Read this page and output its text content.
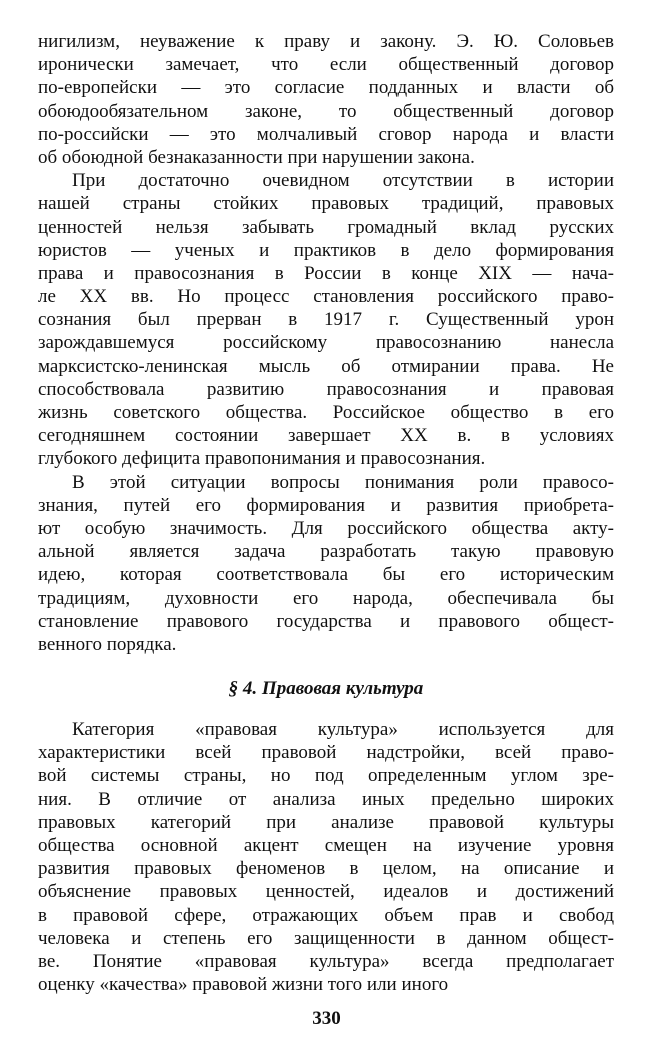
нигилизм, неуважение к праву и закону. Э. Ю. Соловьев
иронически замечает, что если общественный договор
по-европейски — это согласие подданных и власти об
обоюдообязательном законе, то общественный договор
по-российски — это молчаливый сговор народа и власти
об обоюдной безнаказанности при нарушении закона.
При достаточно очевидном отсутствии в истории
нашей страны стойких правовых традиций, правовых
ценностей нельзя забывать громадный вклад русских
юристов — ученых и практиков в дело формирования
права и правосознания в России в конце XIX — нача-
ле XX вв. Но процесс становления российского право-
сознания был прерван в 1917 г. Существенный урон
зарождавшемуся российскому правосознанию нанесла
марксистско-ленинская мысль об отмирании права. Не
способствовала развитию правосознания и правовая
жизнь советского общества. Российское общество в его
сегодняшнем состоянии завершает XX в. в условиях
глубокого дефицита правопонимания и правосознания.
В этой ситуации вопросы понимания роли правосо-
знания, путей его формирования и развития приобрета-
ют особую значимость. Для российского общества акту-
альной является задача разработать такую правовую
идею, которая соответствовала бы его историческим
традициям, духовности его народа, обеспечивала бы
становление правового государства и правового общест-
венного порядка.
§ 4. Правовая культура
Категория «правовая культура» используется для
характеристики всей правовой надстройки, всей право-
вой системы страны, но под определенным углом зре-
ния. В отличие от анализа иных предельно широких
правовых категорий при анализе правовой культуры
общества основной акцент смещен на изучение уровня
развития правовых феноменов в целом, на описание и
объяснение правовых ценностей, идеалов и достижений
в правовой сфере, отражающих объем прав и свобод
человека и степень его защищенности в данном общест-
ве. Понятие «правовая культура» всегда предполагает
оценку «качества» правовой жизни того или иного
330
